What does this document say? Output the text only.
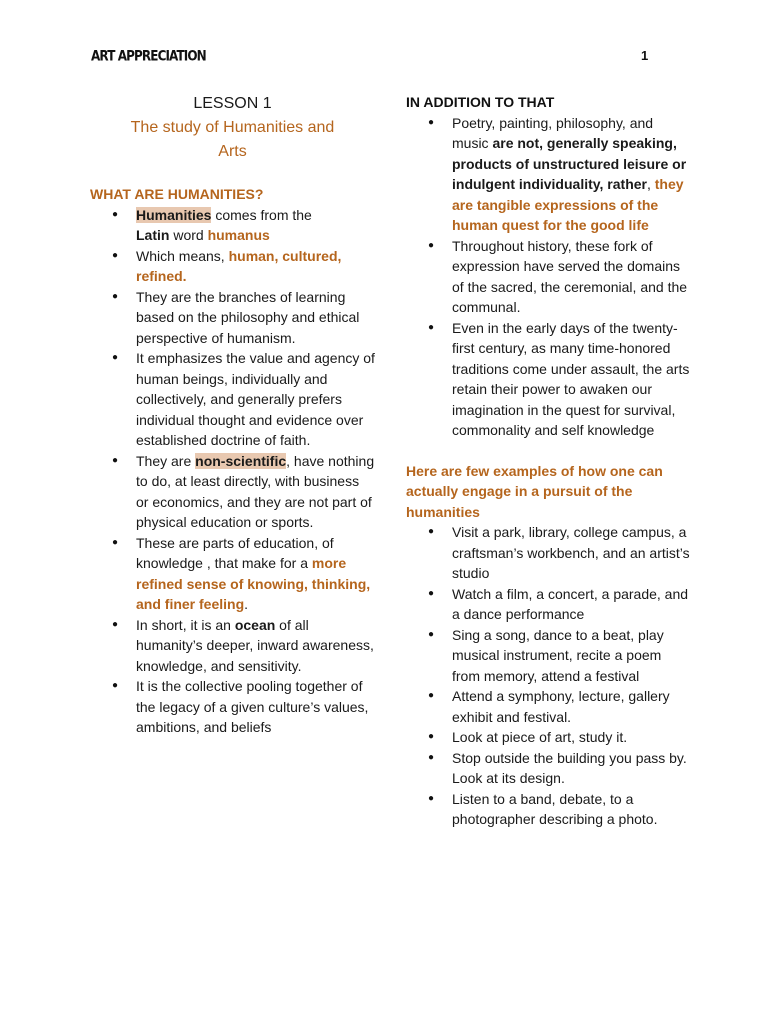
ART APPRECIATION	1
LESSON 1
The study of Humanities and
Arts
WHAT ARE HUMANITIES?
● Humanities comes from the
Latin word humanus
● Which means, human, cultured, refined.
● They are the branches of learning based on the philosophy and ethical perspective of humanism.
● It emphasizes the value and agency of human beings, individually and collectively, and generally prefers individual thought and evidence over established doctrine of faith.
● They are non-scientific, have nothing to do, at least directly, with business or economics, and they are not part of physical education or sports.
● These are parts of education, of knowledge , that make for a more refined sense of knowing, thinking, and finer feeling.
● In short, it is an ocean of all humanity’s deeper, inward awareness, knowledge, and sensitivity.
● It is the collective pooling together of the legacy of a given culture’s values, ambitions, and beliefs
IN ADDITION TO THAT
● Poetry, painting, philosophy, and music are not, generally speaking, products of unstructured leisure or indulgent individuality, rather, they are tangible expressions of the human quest for the good life
● Throughout history, these fork of expression have served the domains of the sacred, the ceremonial, and the communal.
● Even in the early days of the twenty-first century, as many time-honored traditions come under assault, the arts retain their power to awaken our imagination in the quest for survival, commonality and self knowledge
Here are few examples of how one can actually engage in a pursuit of the humanities
● Visit a park, library, college campus, a craftsman’s workbench, and an artist’s studio
● Watch a film, a concert, a parade, and a dance performance
● Sing a song, dance to a beat, play musical instrument, recite a poem from memory, attend a festival
● Attend a symphony, lecture, gallery exhibit and festival.
● Look at piece of art, study it.
● Stop outside the building you pass by. Look at its design.
● Listen to a band, debate, to a photographer describing a photo.
